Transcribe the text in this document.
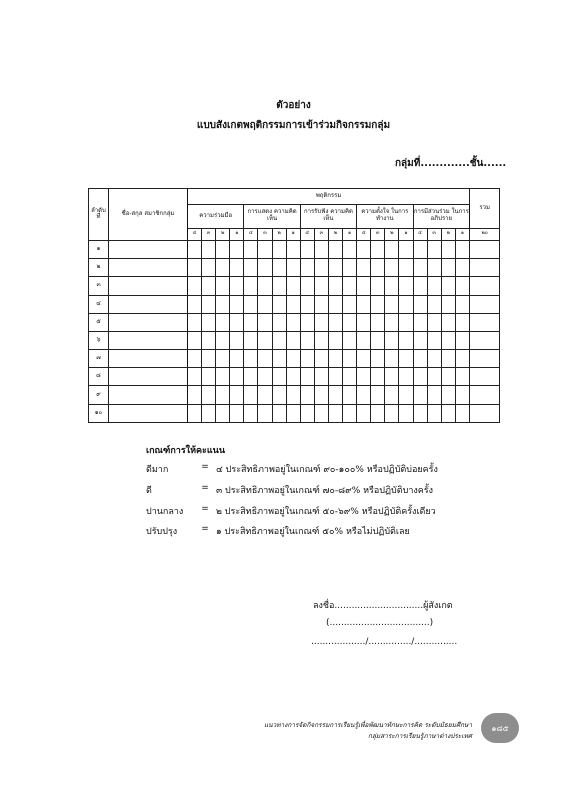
ตัวอย่าง
แบบสังเกตพฤติกรรมการเข้าร่วมกิจกรรมกลุ่ม
กลุ่มที่.............ชั้น......
ลำดับ ที่	ชื่อ-สกุล สมาชิกกลุ่ม	พฤติกรรม																				รวม
		ความร่วมมือ				การแสดง ความคิดเห็น				การรับฟัง ความคิดเห็น				ความตั้งใจ ในการทำงาน				การมีส่วนร่วม ในการอภิปราย				
		๔	๓	๒	๑	๔	๓	๒	๑	๔	๓	๒	๑	๔	๓	๒	๑	๔	๓	๒	๑	๒๐
๑																						
๒																						
๓																						
๔																						
๕																						
๖																						
๗																						
๘																						
๙																						
๑๐																						
เกณฑ์การให้คะแนน
ดีมาก	= ๔ ประสิทธิภาพอยู่ในเกณฑ์ ๙๐-๑๐๐% หรือปฏิบัติบ่อยครั้ง
ดี	= ๓ ประสิทธิภาพอยู่ในเกณฑ์ ๗๐-๘๙% หรือปฏิบัติบางครั้ง
ปานกลาง	= ๒ ประสิทธิภาพอยู่ในเกณฑ์ ๕๐-๖๙% หรือปฏิบัติครั้งเดียว
ปรับปรุง	= ๑ ประสิทธิภาพอยู่ในเกณฑ์ ๕๐% หรือไม่ปฏิบัติเลย
ลงชื่อ...............................ผู้สังเกต
(...................................)
.................../.............../...............
แนวทางการจัดกิจกรรมการเรียนรู้เพื่อพัฒนาทักษะการคิด ระดับมัธยมศึกษา
กลุ่มสาระการเรียนรู้ภาษาต่างประเทศ
๑๘๕
